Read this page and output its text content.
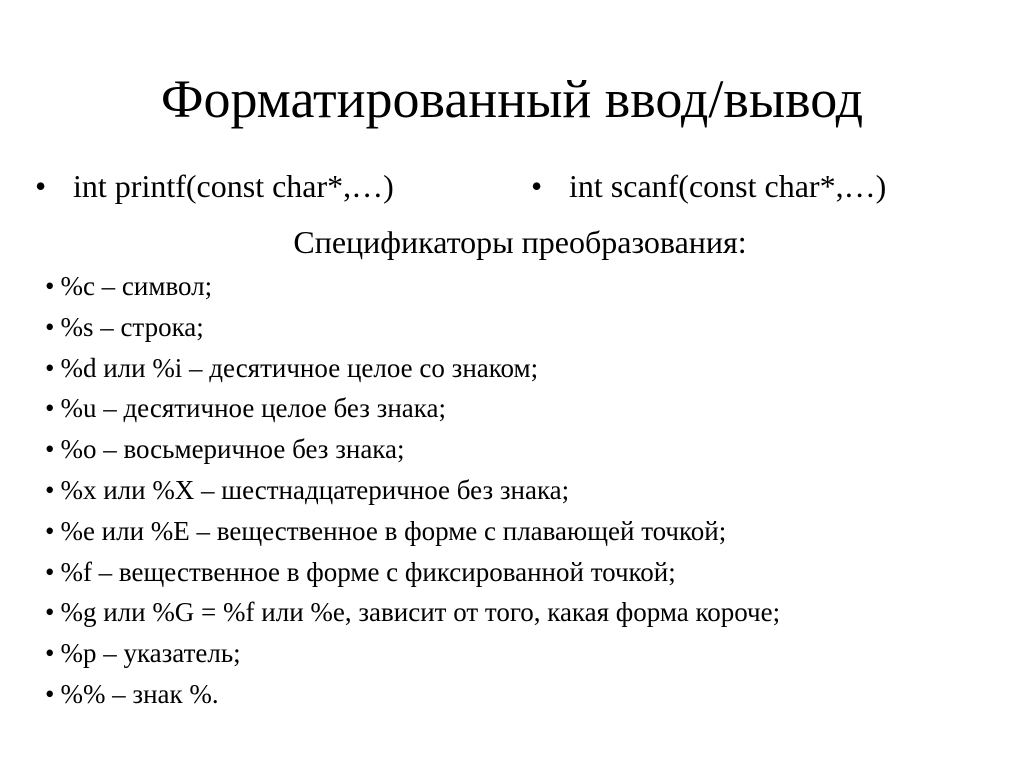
Форматированный ввод/вывод
• int printf(const char*,…)	• int scanf(const char*,…)
Спецификаторы преобразования:
• %c – символ;
• %s – строка;
• %d или %i – десятичное целое со знаком;
• %u – десятичное целое без знака;
• %o – восьмеричное без знака;
• %x или %X – шестнадцатеричное без знака;
• %e или %E – вещественное в форме с плавающей точкой;
• %f – вещественное в форме с фиксированной точкой;
• %g или %G = %f или %e, зависит от того, какая форма короче;
• %p – указатель;
• %% – знак %.
